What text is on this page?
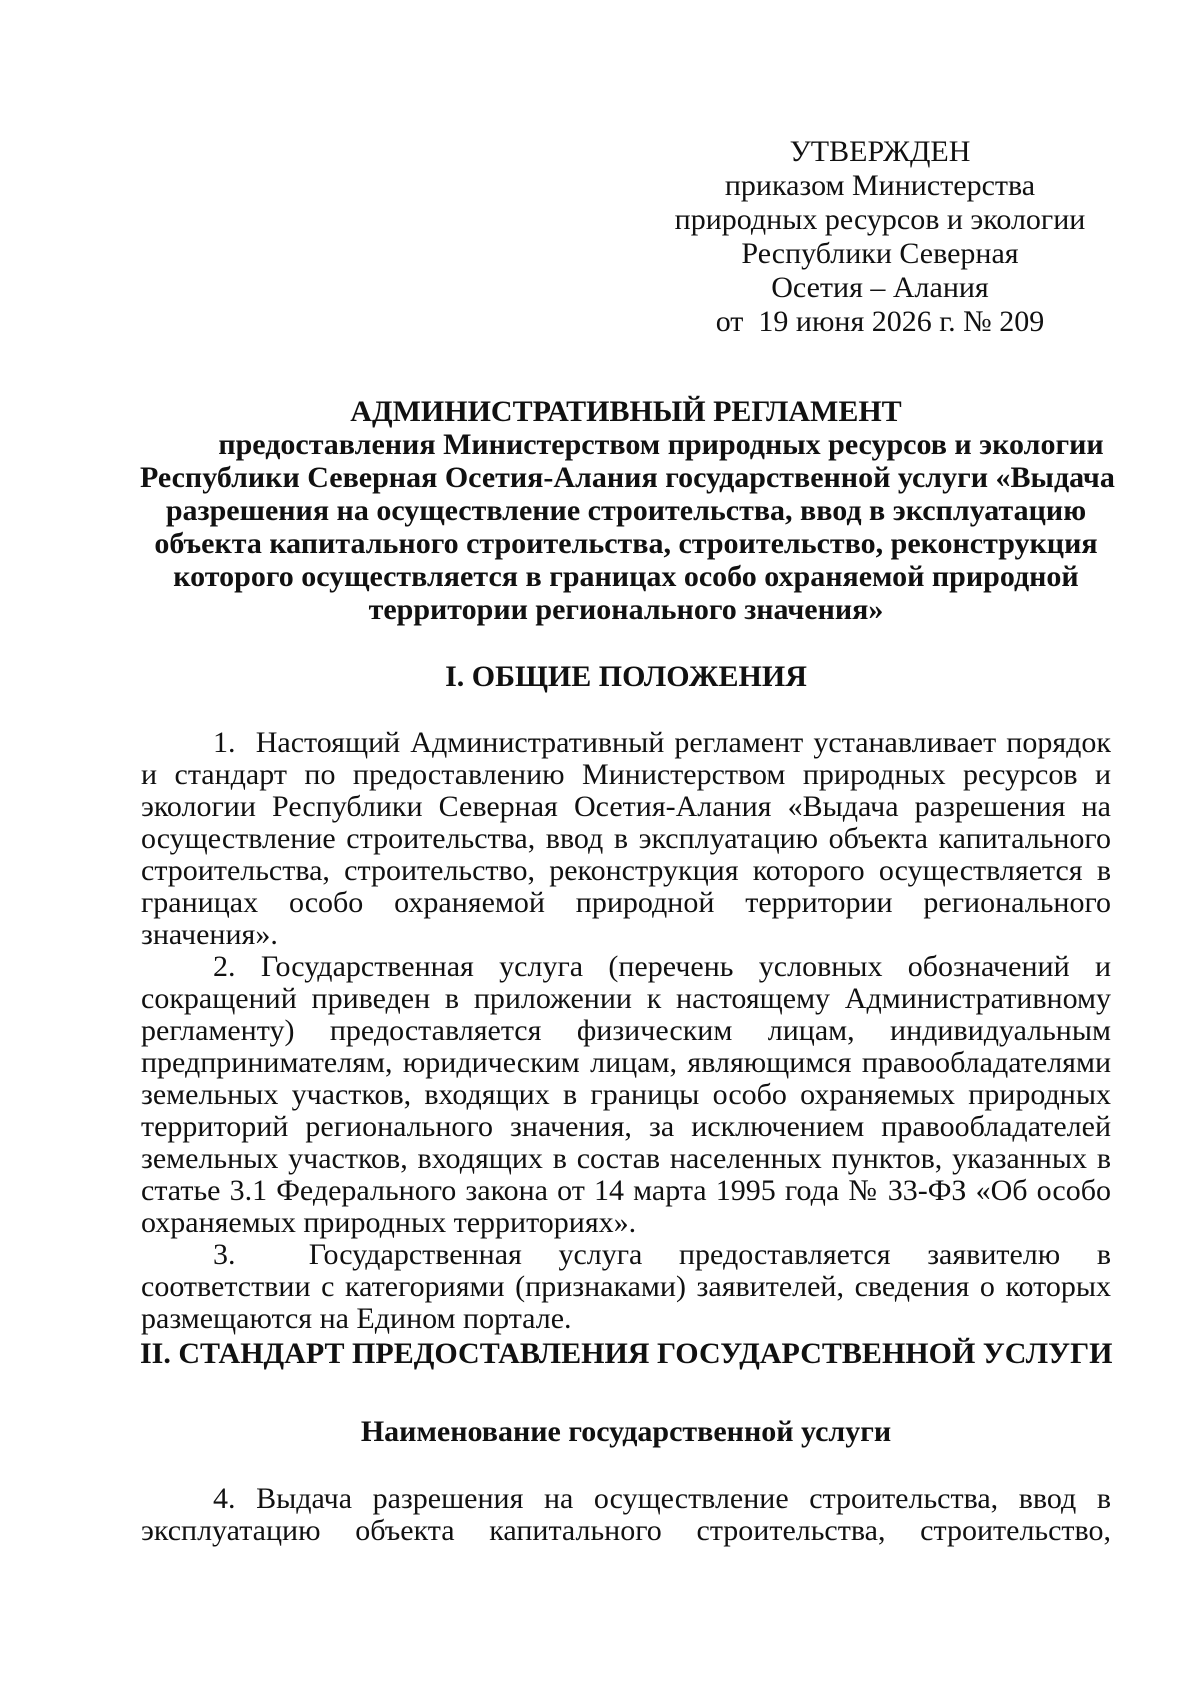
УТВЕРЖДЕН
приказом Министерства
природных ресурсов и экологии
Республики Северная
Осетия – Алания
от  19 июня 2026 г. № 209
АДМИНИСТРАТИВНЫЙ РЕГЛАМЕНТ
предоставления Министерством природных ресурсов и экологии
Республики Северная Осетия-Алания государственной услуги «Выдача
разрешения на осуществление строительства, ввод в эксплуатацию
объекта капитального строительства, строительство, реконструкция
которого осуществляется в границах особо охраняемой природной
территории регионального значения»
I. ОБЩИЕ ПОЛОЖЕНИЯ

1.  Настоящий Административный регламент устанавливает порядок и стандарт по предоставлению Министерством природных ресурсов и экологии Республики Северная Осетия-Алания «Выдача разрешения на осуществление строительства, ввод в эксплуатацию объекта капитального строительства, строительство, реконструкция которого осуществляется в границах особо охраняемой природной территории регионального значения».

2. Государственная услуга (перечень условных обозначений и сокращений приведен в приложении к настоящему Административному регламенту) предоставляется физическим лицам, индивидуальным предпринимателям, юридическим лицам, являющимся правообладателями земельных участков, входящих в границы особо охраняемых природных территорий регионального значения, за исключением правообладателей земельных участков, входящих в состав населенных пунктов, указанных в статье 3.1 Федерального закона от 14 марта 1995 года № 33-ФЗ «Об особо охраняемых природных территориях».

3.  Государственная услуга предоставляется заявителю в соответствии с категориями (признаками) заявителей, сведения о которых размещаются на Едином портале.

II. СТАНДАРТ ПРЕДОСТАВЛЕНИЯ ГОСУДАРСТВЕННОЙ УСЛУГИ
Наименование государственной услуги

4. Выдача разрешения на осуществление строительства, ввод в эксплуатацию объекта капитального строительства, строительство,
